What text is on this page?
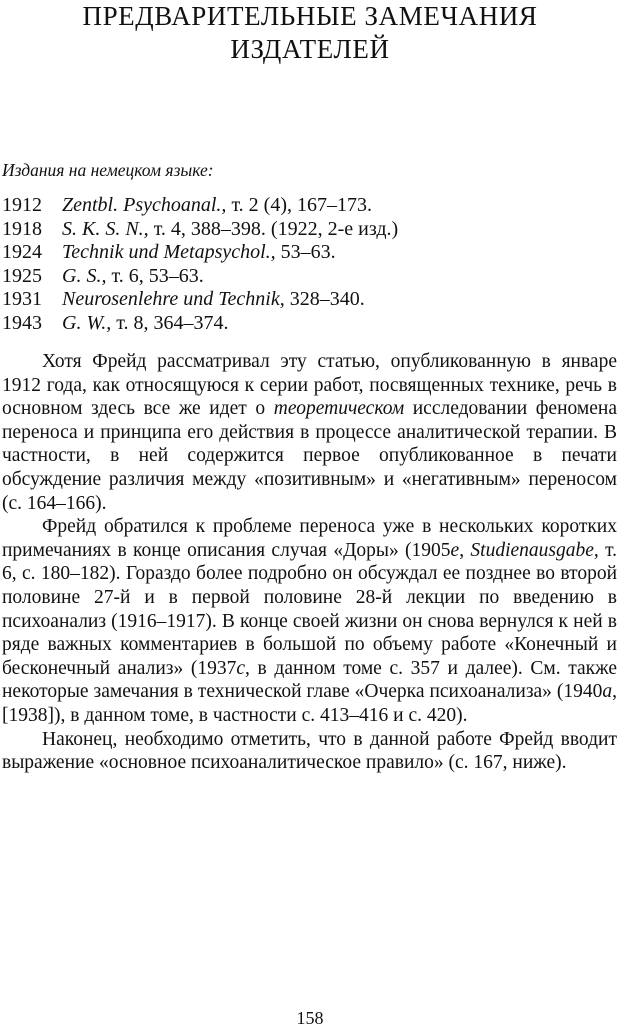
ПРЕДВАРИТЕЛЬНЫЕ ЗАМЕЧАНИЯ
ИЗДАТЕЛЕЙ

Издания на немецком языке:

1912 Zentbl. Psychoanal., т. 2 (4), 167–173.
1918 S. K. S. N., т. 4, 388–398. (1922, 2-е изд.)
1924 Technik und Metapsychol., 53–63.
1925 G. S., т. 6, 53–63.
1931 Neurosenlehre und Technik, 328–340.
1943 G. W., т. 8, 364–374.

Хотя Фрейд рассматривал эту статью, опубликованную в январе 1912 года, как относящуюся к серии работ, посвященных технике, речь в основном здесь все же идет о теоретическом исследовании феномена переноса и принципа его действия в процессе аналитической терапии. В частности, в ней содержится первое опубликованное в печати обсуждение различия между «позитивным» и «негативным» переносом (с. 164–166).

Фрейд обратился к проблеме переноса уже в нескольких коротких примечаниях в конце описания случая «Доры» (1905e, Studienausgabe, т. 6, с. 180–182). Гораздо более подробно он обсуждал ее позднее во второй половине 27-й и в первой половине 28-й лекции по введению в психоанализ (1916–1917). В конце своей жизни он снова вернулся к ней в ряде важных комментариев в большой по объему работе «Конечный и бесконечный анализ» (1937c, в данном томе с. 357 и далее). См. также некоторые замечания в технической главе «Очерка психоанализа» (1940a, [1938]), в данном томе, в частности с. 413–416 и с. 420).

Наконец, необходимо отметить, что в данной работе Фрейд вводит выражение «основное психоаналитическое правило» (с. 167, ниже).

158
